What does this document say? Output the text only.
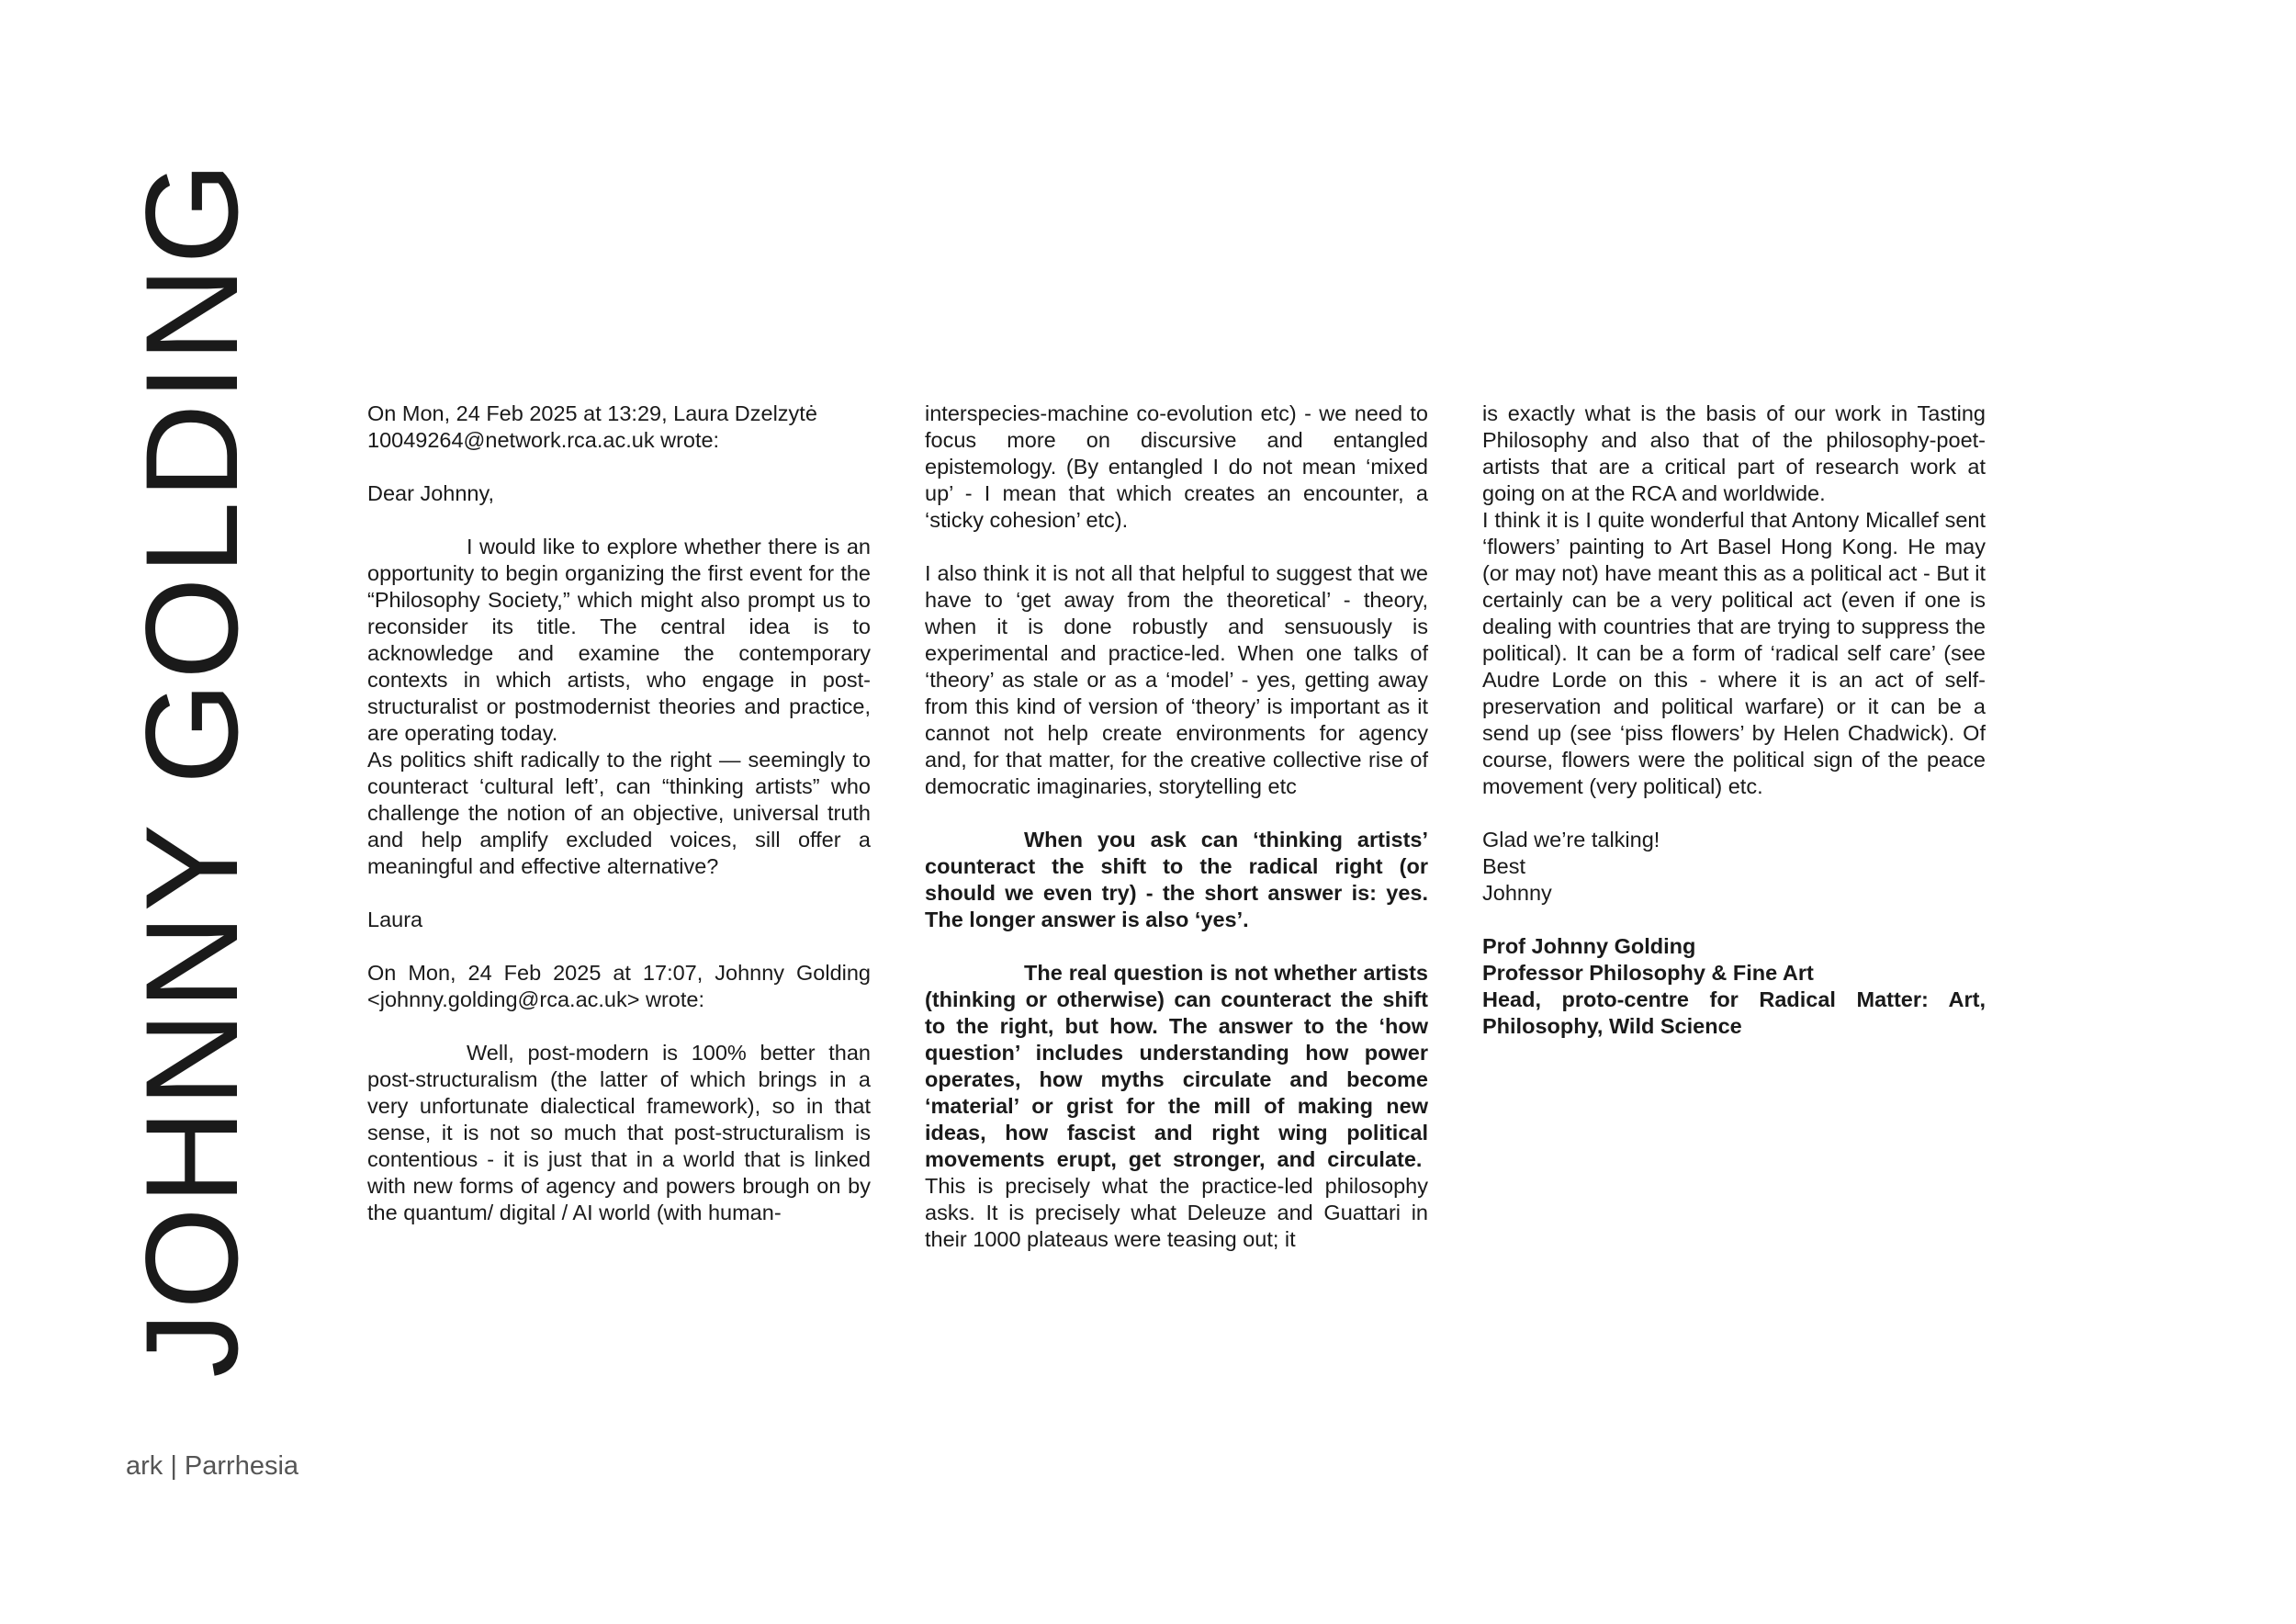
JOHNNY GOLDING
ark | Parrhesia

On Mon, 24 Feb 2025 at 13:29, Laura Dzelzytė 10049264@network.rca.ac.uk wrote:

Dear Johnny,

I would like to explore whether there is an opportunity to begin organizing the first event for the “Philosophy Society,” which might also prompt us to reconsider its title. The central idea is to acknowledge and examine the contemporary contexts in which artists, who engage in post-structuralist or postmodernist theories and practice, are operating today.

As politics shift radically to the right — seemingly to counteract ‘cultural left’, can “thinking artists” who challenge the notion of an objective, universal truth and help amplify excluded voices, sill offer a meaningful and effective alternative?

Laura

On Mon, 24 Feb 2025 at 17:07, Johnny Golding <johnny.golding@rca.ac.uk> wrote:

Well, post-modern is 100% better than post-structuralism (the latter of which brings in a very unfortunate dialectical framework), so in that sense, it is not so much that post-structuralism is contentious - it is just that in a world that is linked with new forms of agency and powers brough on by the quantum/ digital / AI world (with human-

interspecies-machine co-evolution etc) - we need to focus more on discursive and entangled epistemology. (By entangled I do not mean ‘mixed up’ - I mean that which creates an encounter, a ‘sticky cohesion’ etc).

I also think it is not all that helpful to suggest that we have to ‘get away from the theoretical’ - theory, when it is done robustly and sensuously is experimental and practice-led. When one talks of ‘theory’ as stale or as a ‘model’ - yes, getting away from this kind of version of ‘theory’ is important as it cannot not help create environments for agency and, for that matter, for the creative collective rise of democratic imaginaries, storytelling etc

When you ask can ‘thinking artists’ counteract the shift to the radical right (or should we even try) - the short answer is: yes. The longer answer is also ‘yes’.

The real question is not whether artists (thinking or otherwise) can counteract the shift to the right, but how. The answer to the ‘how question’ includes understanding how power operates, how myths circulate and become ‘material’ or grist for the mill of making new ideas, how fascist and right wing political movements erupt, get stronger, and circulate.  This is precisely what the practice-led philosophy asks. It is precisely what Deleuze and Guattari in their 1000 plateaus were teasing out; it

is exactly what is the basis of our work in Tasting Philosophy and also that of the philosophy-poet-artists that are a critical part of research work at going on at the RCA and worldwide.

I think it is I quite wonderful that Antony Micallef sent ‘flowers’ painting to Art Basel Hong Kong. He may (or may not) have meant this as a political act - But it certainly can be a very political act (even if one is dealing with countries that are trying to suppress the political). It can be a form of ‘radical self care’ (see Audre Lorde on this - where it is an act of self-preservation and political warfare) or it can be a send up (see ‘piss flowers’ by Helen Chadwick). Of course, flowers were the political sign of the peace movement (very political) etc.

Glad we’re talking!

Best

Johnny

Prof Johnny Golding

Professor Philosophy & Fine Art

Head, proto-centre for Radical Matter: Art, Philosophy, Wild Science
